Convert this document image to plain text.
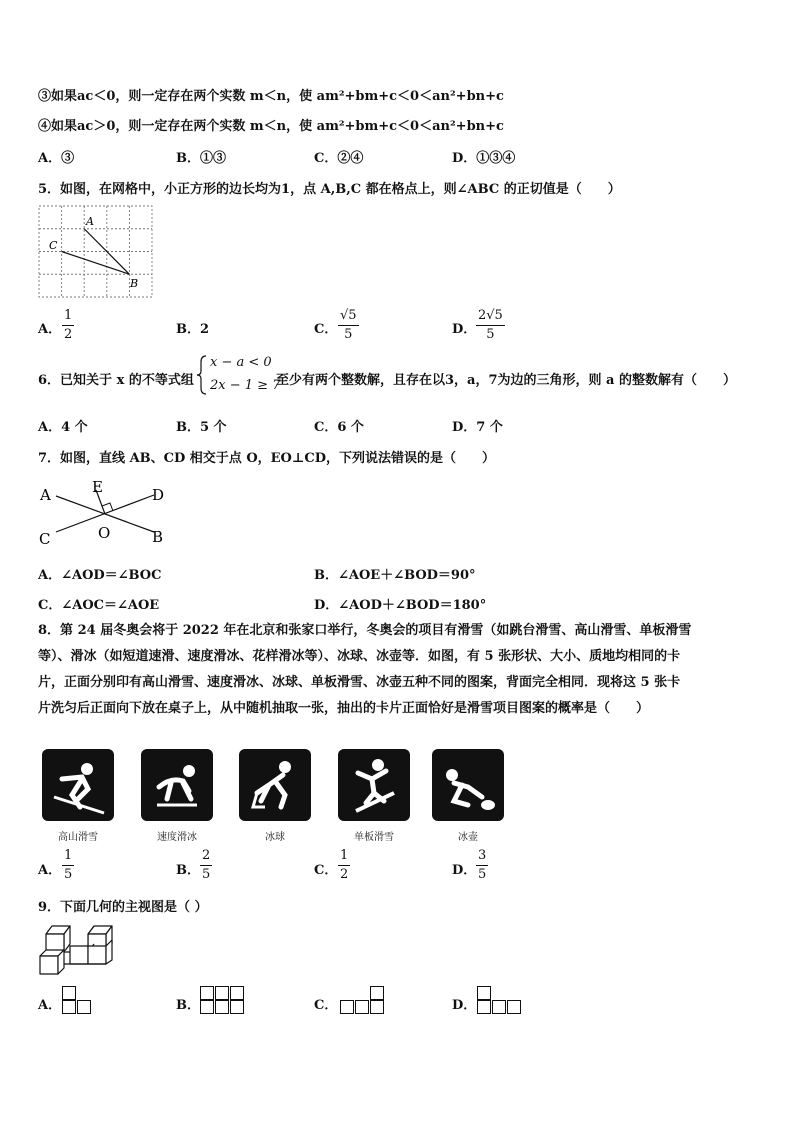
③如果ac＜0，则一定存在两个实数 m＜n，使 am²+bm+c＜0＜an²+bn+c
④如果ac＞0，则一定存在两个实数 m＜n，使 am²+bm+c＜0＜an²+bn+c
A．③	B．①③	C．②④	D．①③④
5．如图，在网格中，小正方形的边长均为1，点 A,B,C 都在格点上，则∠ABC 的正切值是（　　）
A
B
C
A． $\frac{1}{2}$	B．2	C． $\frac{√5}{5}$	D． $\frac{2√5}{5}$
6．已知关于 x 的不等式组
x − a < 0
2x − 1 ≥ 7
至少有两个整数解，且存在以3，a，7为边的三角形，则 a 的整数解有（　　）
A．4 个	B．5 个	C．6 个	D．7 个
7．如图，直线 AB、CD 相交于点 O，EO⊥CD，下列说法错误的是（　　）
A
B
C
D
E
O
A．∠AOD＝∠BOC	B．∠AOE＋∠BOD＝90°
C．∠AOC＝∠AOE	D．∠AOD＋∠BOD＝180°
8．第 24 届冬奥会将于 2022 年在北京和张家口举行，冬奥会的项目有滑雪（如跳台滑雪、高山滑雪、单板滑雪
等）、滑冰（如短道速滑、速度滑冰、花样滑冰等）、冰球、冰壶等．如图，有 5 张形状、大小、质地均相同的卡
片，正面分别印有高山滑雪、速度滑冰、冰球、单板滑雪、冰壶五种不同的图案，背面完全相同．现将这 5 张卡
片洗匀后正面向下放在桌子上，从中随机抽取一张，抽出的卡片正面恰好是滑雪项目图案的概率是（　　）
高山滑雪	速度滑冰	冰球	单板滑雪	冰壶
A． $\frac{1}{5}$	B． $\frac{2}{5}$	C． $\frac{1}{2}$	D． $\frac{3}{5}$
9．下面几何的主视图是（ ）
A．	B．	C．	D．
